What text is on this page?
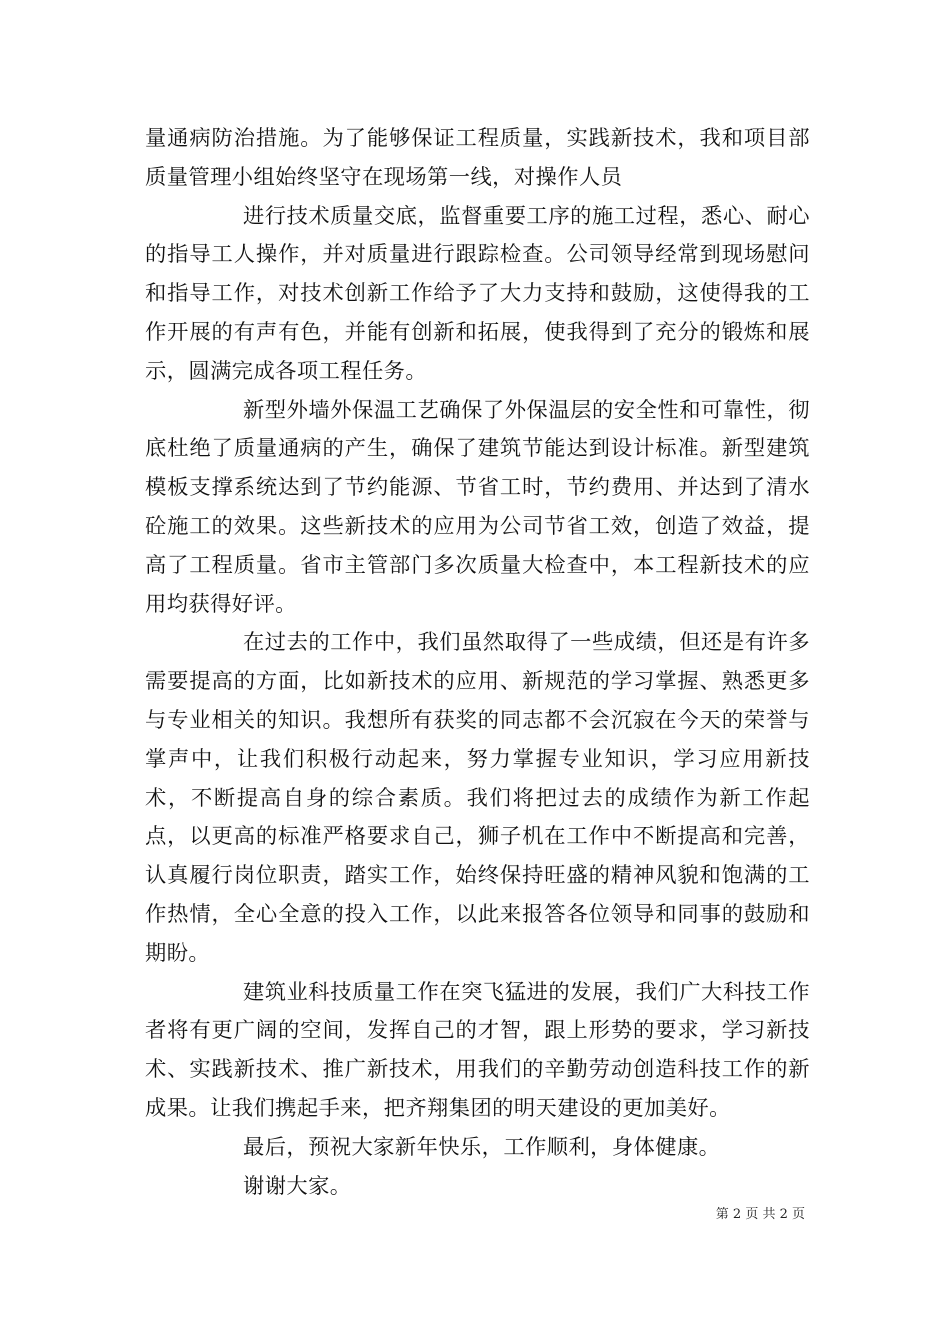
量通病防治措施。为了能够保证工程质量，实践新技术，我和项目部质量管理小组始终坚守在现场第一线，对操作人员

进行技术质量交底，监督重要工序的施工过程，悉心、耐心的指导工人操作，并对质量进行跟踪检查。公司领导经常到现场慰问和指导工作，对技术创新工作给予了大力支持和鼓励，这使得我的工作开展的有声有色，并能有创新和拓展，使我得到了充分的锻炼和展示，圆满完成各项工程任务。

新型外墙外保温工艺确保了外保温层的安全性和可靠性，彻底杜绝了质量通病的产生，确保了建筑节能达到设计标准。新型建筑模板支撑系统达到了节约能源、节省工时，节约费用、并达到了清水砼施工的效果。这些新技术的应用为公司节省工效，创造了效益，提高了工程质量。省市主管部门多次质量大检查中，本工程新技术的应用均获得好评。

在过去的工作中，我们虽然取得了一些成绩，但还是有许多需要提高的方面，比如新技术的应用、新规范的学习掌握、熟悉更多与专业相关的知识。我想所有获奖的同志都不会沉寂在今天的荣誉与掌声中，让我们积极行动起来，努力掌握专业知识，学习应用新技术，不断提高自身的综合素质。我们将把过去的成绩作为新工作起点，以更高的标准严格要求自己，狮子机在工作中不断提高和完善，认真履行岗位职责，踏实工作，始终保持旺盛的精神风貌和饱满的工作热情，全心全意的投入工作，以此来报答各位领导和同事的鼓励和期盼。

建筑业科技质量工作在突飞猛进的发展，我们广大科技工作者将有更广阔的空间，发挥自己的才智，跟上形势的要求，学习新技术、实践新技术、推广新技术，用我们的辛勤劳动创造科技工作的新成果。让我们携起手来，把齐翔集团的明天建设的更加美好。

最后，预祝大家新年快乐，工作顺利，身体健康。

谢谢大家。

第 2 页 共 2 页
